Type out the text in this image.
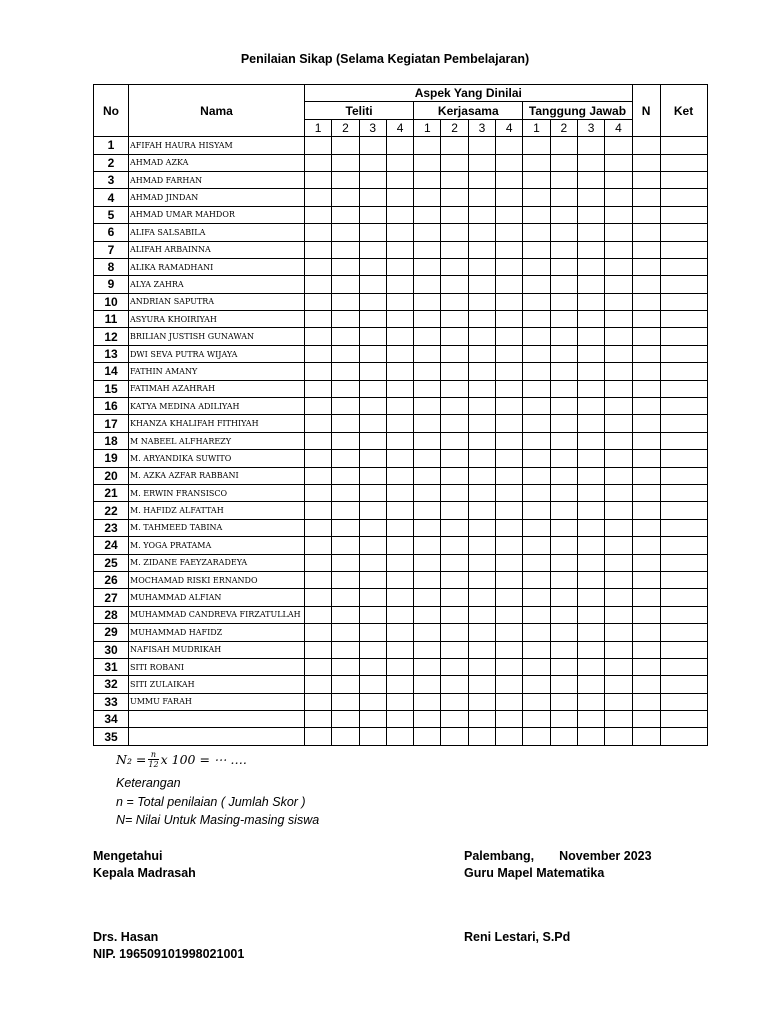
Penilaian Sikap (Selama Kegiatan Pembelajaran)
No	Nama	Aspek Yang Dinilai												N	Ket
		Teliti				Kerjasama				Tanggung Jawab					
		1	2	3	4	1	2	3	4	1	2	3	4		
1	AFIFAH HAURA HISYAM														
2	AHMAD AZKA														
3	AHMAD FARHAN														
4	AHMAD JINDAN														
5	AHMAD UMAR MAHDOR														
6	ALIFA SALSABILA														
7	ALIFAH ARBAINNA														
8	ALIKA RAMADHANI														
9	ALYA ZAHRA														
10	ANDRIAN SAPUTRA														
11	ASYURA KHOIRIYAH														
12	BRILIAN JUSTISH GUNAWAN														
13	DWI SEVA PUTRA WIJAYA														
14	FATHIN AMANY														
15	FATIMAH AZAHRAH														
16	KATYA MEDINA ADILIYAH														
17	KHANZA KHALIFAH FITHIYAH														
18	M NABEEL ALFHAREZY														
19	M. ARYANDIKA SUWITO														
20	M. AZKA AZFAR RABBANI														
21	M. ERWIN FRANSISCO														
22	M. HAFIDZ ALFATTAH														
23	M. TAHMEED TABINA														
24	M. YOGA PRATAMA														
25	M. ZIDANE FAEYZARADEYA														
26	MOCHAMAD RISKI ERNANDO														
27	MUHAMMAD ALFIAN														
28	MUHAMMAD CANDREVA FIRZATULLAH														
29	MUHAMMAD HAFIDZ														
30	NAFISAH MUDRIKAH														
31	SITI ROBANI														
32	SITI ZULAIKAH														
33	UMMU FARAH														
34															
35															
$N_2 = \frac{n}{12}$ x 100 = ⋯ ….
Keterangan
n = Total penilaian ( Jumlah Skor )
N= Nilai Untuk Masing-masing siswa
Mengetahui
Kepala Madrasah
Drs. Hasan
NIP. 196509101998021001
Palembang, November 2023
Guru Mapel Matematika
Reni Lestari, S.Pd
